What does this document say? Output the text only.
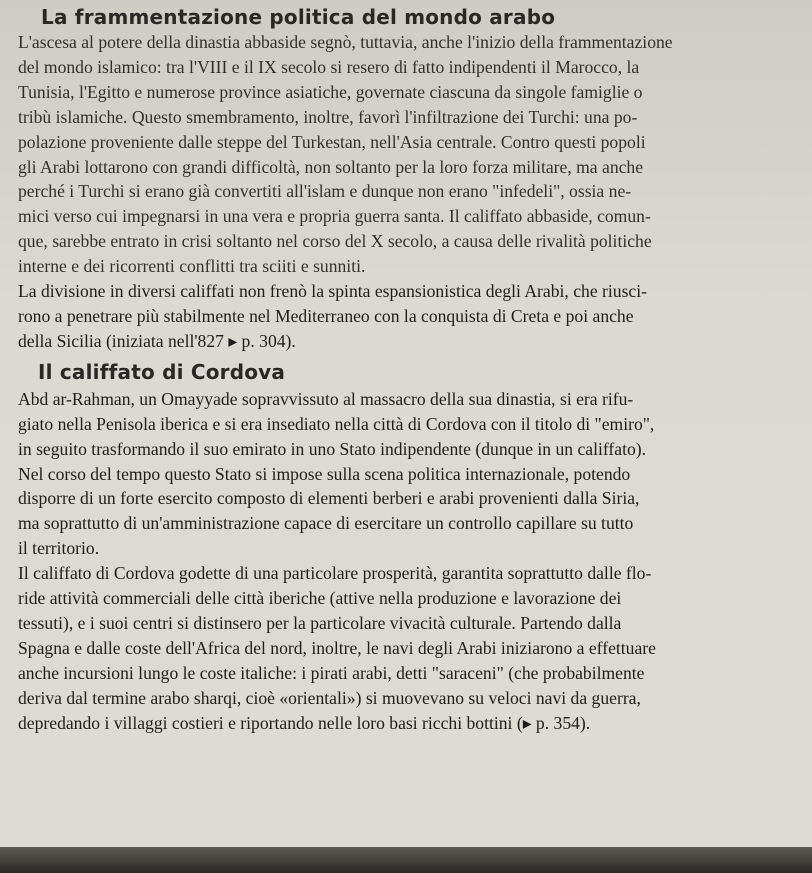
La frammentazione politica del mondo arabo
L'ascesa al potere della dinastia abbaside segnò, tuttavia, anche l'inizio della frammentazione
del mondo islamico: tra l'VIII e il IX secolo si resero di fatto indipendenti il Marocco, la
Tunisia, l'Egitto e numerose province asiatiche, governate ciascuna da singole famiglie o
tribù islamiche. Questo smembramento, inoltre, favorì l'infiltrazione dei Turchi: una po-
polazione proveniente dalle steppe del Turkestan, nell'Asia centrale. Contro questi popoli
gli Arabi lottarono con grandi difficoltà, non soltanto per la loro forza militare, ma anche
perché i Turchi si erano già convertiti all'islam e dunque non erano "infedeli", ossia ne-
mici verso cui impegnarsi in una vera e propria guerra santa. Il califfato abbaside, comun-
que, sarebbe entrato in crisi soltanto nel corso del X secolo, a causa delle rivalità politiche
interne e dei ricorrenti conflitti tra sciiti e sunniti.
La divisione in diversi califfati non frenò la spinta espansionistica degli Arabi, che riusci-
rono a penetrare più stabilmente nel Mediterraneo con la conquista di Creta e poi anche
della Sicilia (iniziata nell'827 ▸ p. 304).
Il califfato di Cordova
Abd ar-Rahman, un Omayyade sopravvissuto al massacro della sua dinastia, si era rifu-
giato nella Penisola iberica e si era insediato nella città di Cordova con il titolo di "emiro",
in seguito trasformando il suo emirato in uno Stato indipendente (dunque in un califfato).
Nel corso del tempo questo Stato si impose sulla scena politica internazionale, potendo
disporre di un forte esercito composto di elementi berberi e arabi provenienti dalla Siria,
ma soprattutto di un'amministrazione capace di esercitare un controllo capillare su tutto
il territorio.
Il califfato di Cordova godette di una particolare prosperità, garantita soprattutto dalle flo-
ride attività commerciali delle città iberiche (attive nella produzione e lavorazione dei
tessuti), e i suoi centri si distinsero per la particolare vivacità culturale. Partendo dalla
Spagna e dalle coste dell'Africa del nord, inoltre, le navi degli Arabi iniziarono a effettuare
anche incursioni lungo le coste italiche: i pirati arabi, detti "saraceni" (che probabilmente
deriva dal termine arabo sharqi, cioè «orientali») si muovevano su veloci navi da guerra,
depredando i villaggi costieri e riportando nelle loro basi ricchi bottini (▸ p. 354).
